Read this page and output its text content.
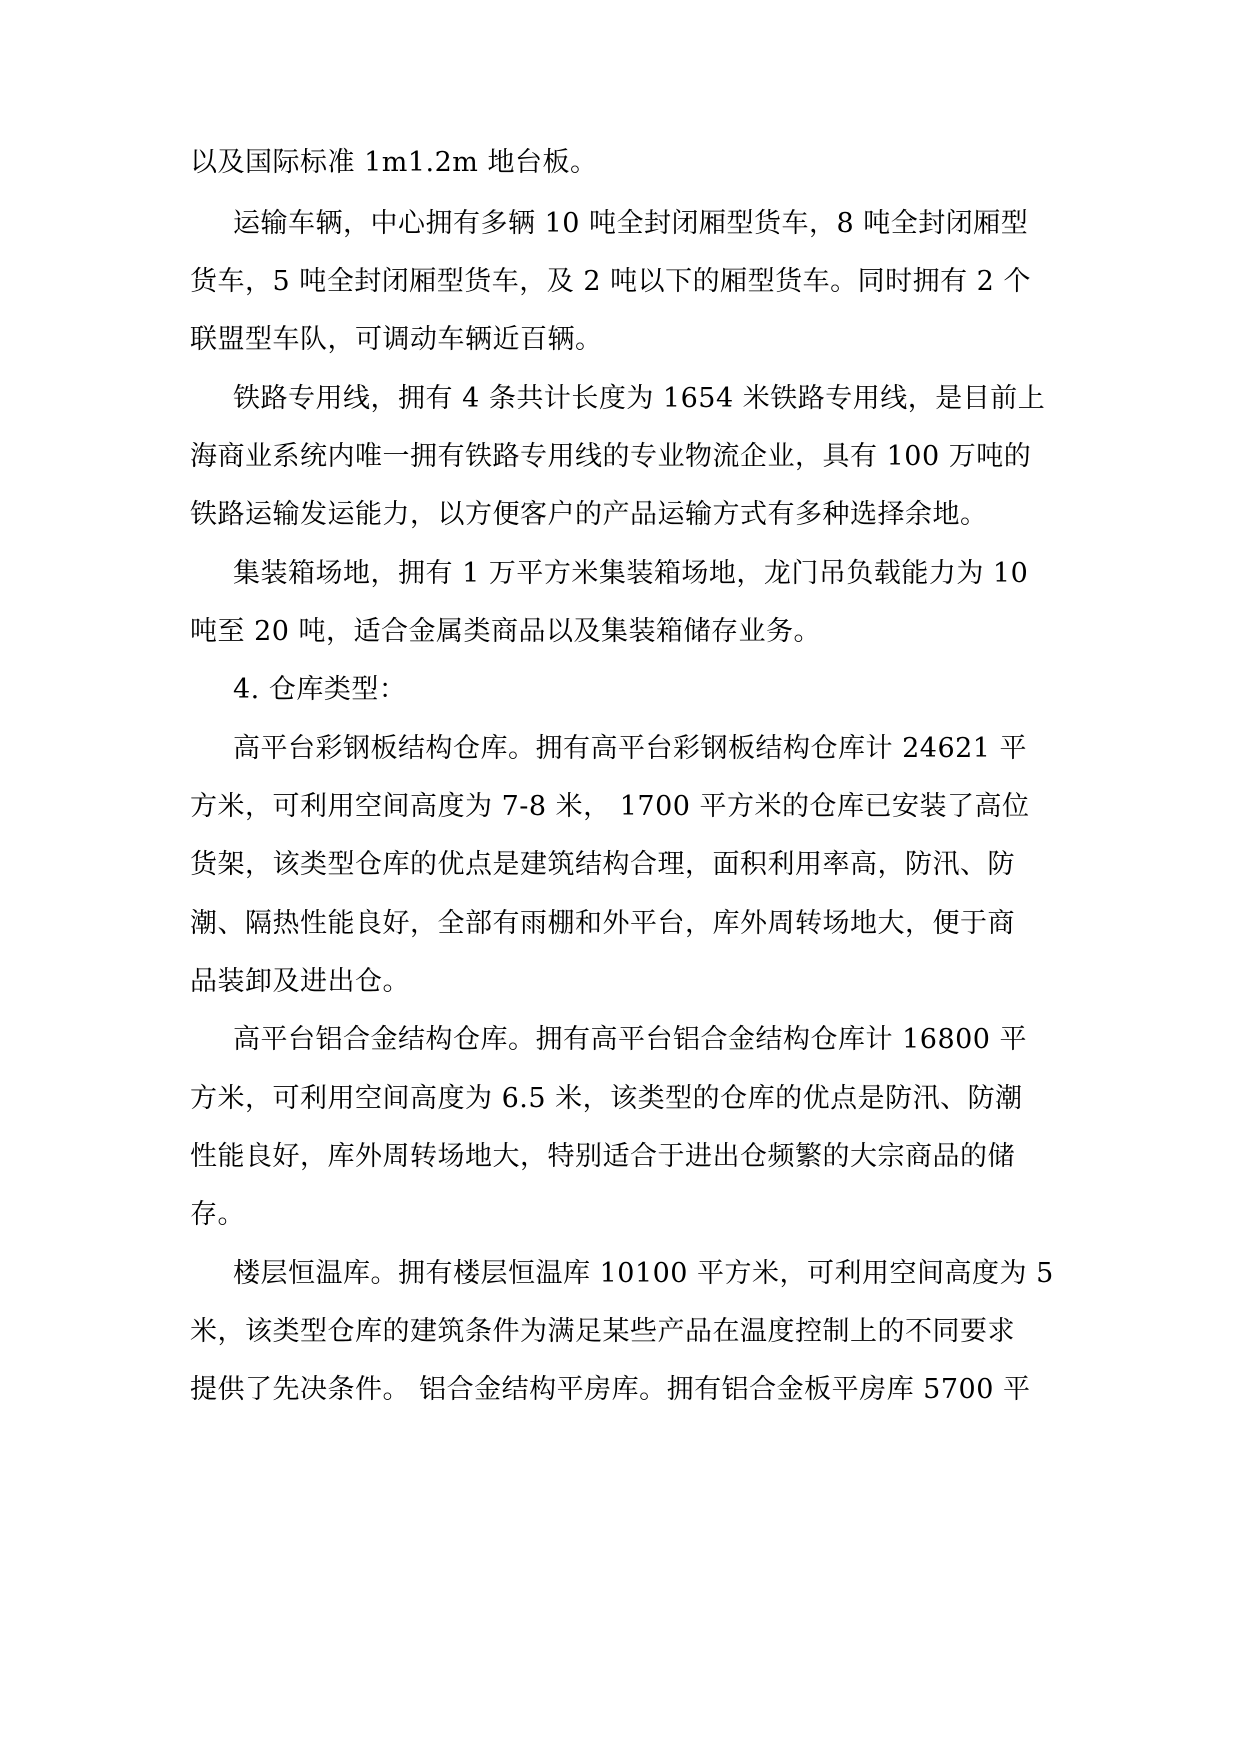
以及国际标准 1m1.2m 地台板。
运输车辆，中心拥有多辆 10 吨全封闭厢型货车，8 吨全封闭厢型
货车，5 吨全封闭厢型货车，及 2 吨以下的厢型货车。同时拥有 2 个
联盟型车队，可调动车辆近百辆。
铁路专用线，拥有 4 条共计长度为 1654 米铁路专用线，是目前上
海商业系统内唯一拥有铁路专用线的专业物流企业，具有 100 万吨的
铁路运输发运能力，以方便客户的产品运输方式有多种选择余地。
集装箱场地，拥有 1 万平方米集装箱场地，龙门吊负载能力为 10
吨至 20 吨，适合金属类商品以及集装箱储存业务。
4. 仓库类型：
高平台彩钢板结构仓库。拥有高平台彩钢板结构仓库计 24621 平
方米，可利用空间高度为 7-8 米， 1700 平方米的仓库已安装了高位
货架，该类型仓库的优点是建筑结构合理，面积利用率高，防汛、防
潮、隔热性能良好，全部有雨棚和外平台，库外周转场地大，便于商
品装卸及进出仓。
高平台铝合金结构仓库。拥有高平台铝合金结构仓库计 16800 平
方米，可利用空间高度为 6.5 米，该类型的仓库的优点是防汛、防潮
性能良好，库外周转场地大，特别适合于进出仓频繁的大宗商品的储
存。
楼层恒温库。拥有楼层恒温库 10100 平方米，可利用空间高度为 5
米，该类型仓库的建筑条件为满足某些产品在温度控制上的不同要求
提供了先决条件。 铝合金结构平房库。拥有铝合金板平房库 5700 平
